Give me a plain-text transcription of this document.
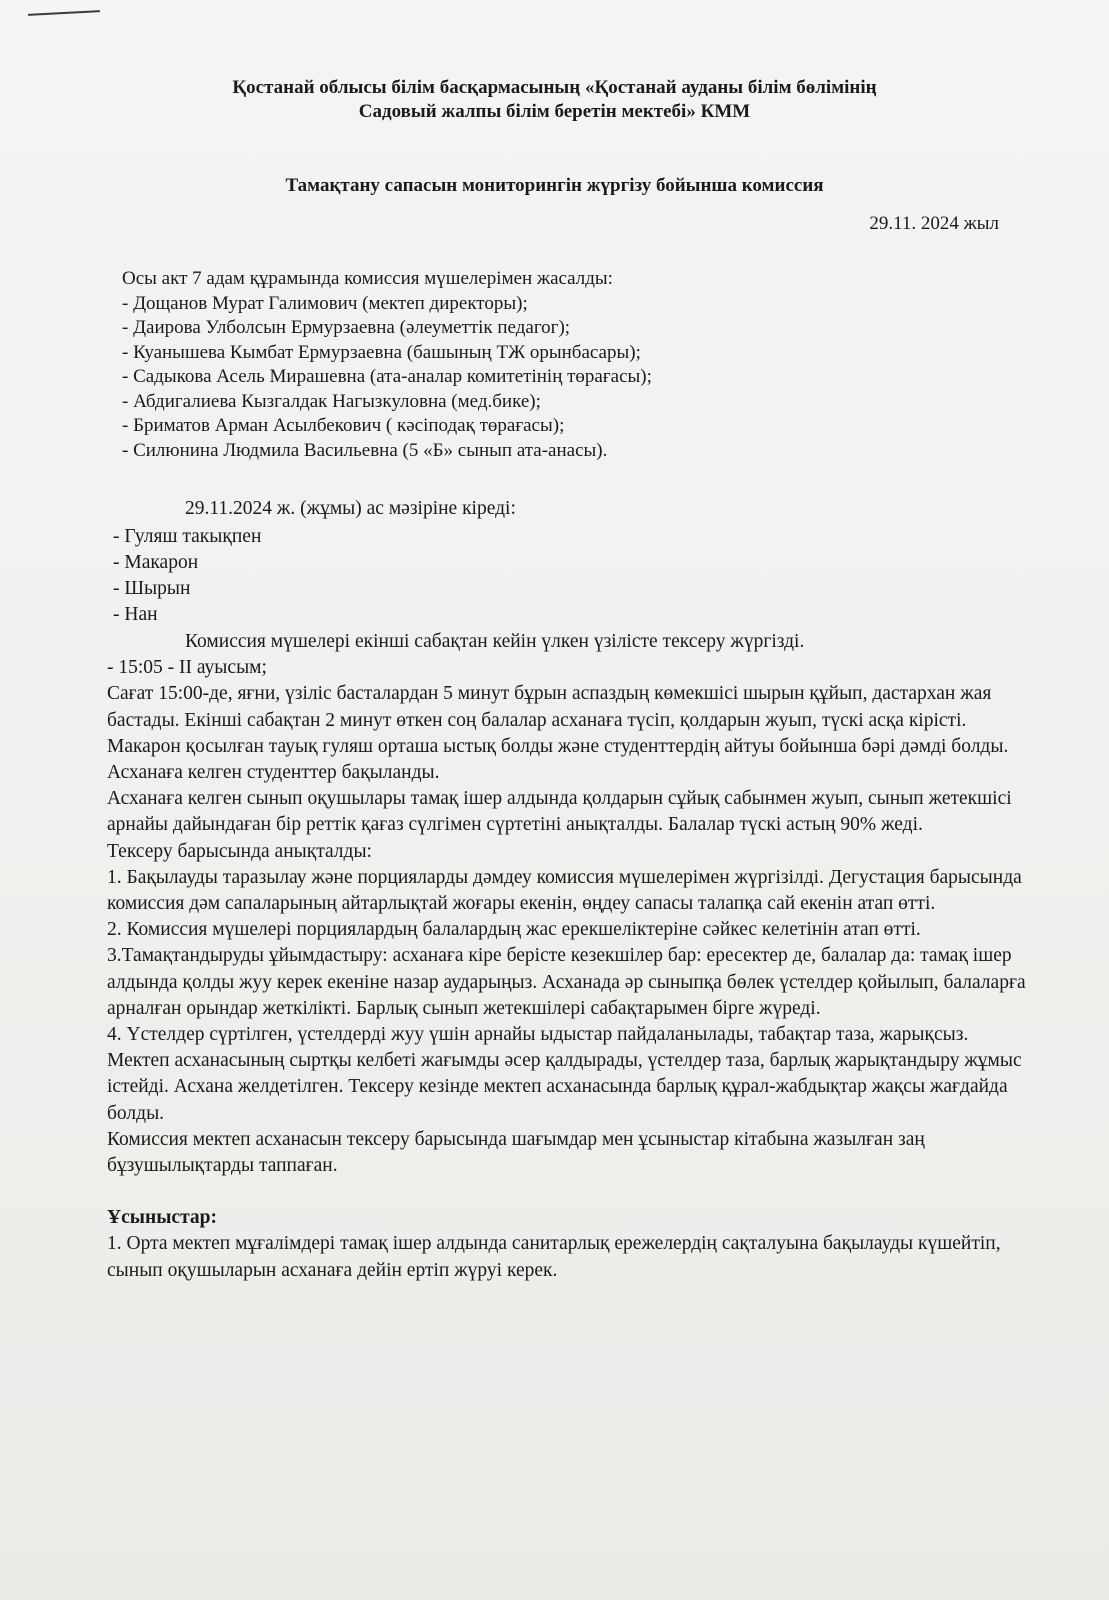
Қостанай облысы білім басқармасының «Қостанай ауданы білім бөлімінің
Садовый жалпы білім беретін мектебі» КММ
Тамақтану сапасын мониторингін жүргізу бойынша комиссия
29.11. 2024 жыл
Осы акт 7 адам құрамында комиссия мүшелерімен жасалды:
- Дощанов Мурат Галимович (мектеп директоры);
- Даирова Улболсын Ермурзаевна (әлеуметтік педагог);
- Куанышева Кымбат Ермурзаевна (башының ТЖ орынбасары);
- Садыкова Асель Мирашевна (ата-аналар комитетінің төрағасы);
- Абдигалиева Кызгалдак Нагызкуловна (мед.бике);
- Бриматов Арман Асылбекович ( кәсіподақ төрағасы);
- Силюнина Людмила Васильевна (5 «Б» сынып ата-анасы).
29.11.2024 ж. (жұмы) ас мәзіріне кіреді:
- Гуляш такықпен
- Макарон
- Шырын
- Нан

Комиссия мүшелері екінші сабақтан кейін үлкен үзілісте тексеру жүргізді.

- 15:05 - II ауысым;

Сағат 15:00-де, яғни, үзіліс басталардан 5 минут бұрын аспаздың көмекшісі шырын құйып, дастархан жая бастады. Екінші сабақтан 2 минут өткен соң балалар асханаға түсіп, қолдарын жуып, түскі асқа кірісті. Макарон қосылған тауық гуляш орташа ыстық болды және студенттердің айтуы бойынша бәрі дәмді болды.

Асханаға келген студенттер бақыланды.

Асханаға келген сынып оқушылары тамақ ішер алдында қолдарын сұйық сабынмен жуып, сынып жетекшісі арнайы дайындаған бір реттік қағаз сүлгімен сүртетіні анықталды. Балалар түскі астың 90% жеді.

Тексеру барысында анықталды:

1. Бақылауды таразылау және порцияларды дәмдеу комиссия мүшелерімен жүргізілді. Дегустация барысында комиссия дәм сапаларының айтарлықтай жоғары екенін, өңдеу сапасы талапқа сай екенін атап өтті.

2. Комиссия мүшелері порциялардың балалардың жас ерекшеліктеріне сәйкес келетінін атап өтті.

3.Тамақтандыруды ұйымдастыру: асханаға кіре берісте кезекшілер бар: ересектер де, балалар да: тамақ ішер алдында қолды жуу керек екеніне назар аударыңыз. Асханада әр сыныпқа бөлек үстелдер қойылып, балаларға арналған орындар жеткілікті. Барлық сынып жетекшілері сабақтарымен бірге жүреді.

4. Үстелдер сүртілген, үстелдерді жуу үшін арнайы ыдыстар пайдаланылады, табақтар таза, жарықсыз.

Мектеп асханасының сыртқы келбеті жағымды әсер қалдырады, үстелдер таза, барлық жарықтандыру жұмыс істейді. Асхана желдетілген. Тексеру кезінде мектеп асханасында барлық құрал-жабдықтар жақсы жағдайда болды.

Комиссия мектеп асханасын тексеру барысында шағымдар мен ұсыныстар кітабына жазылған заң бұзушылықтарды таппаған.

Ұсыныстар:

1. Орта мектеп мұғалімдері тамақ ішер алдында санитарлық ережелердің сақталуына бақылауды күшейтіп, сынып оқушыларын асханаға дейін ертіп жүруі керек.
